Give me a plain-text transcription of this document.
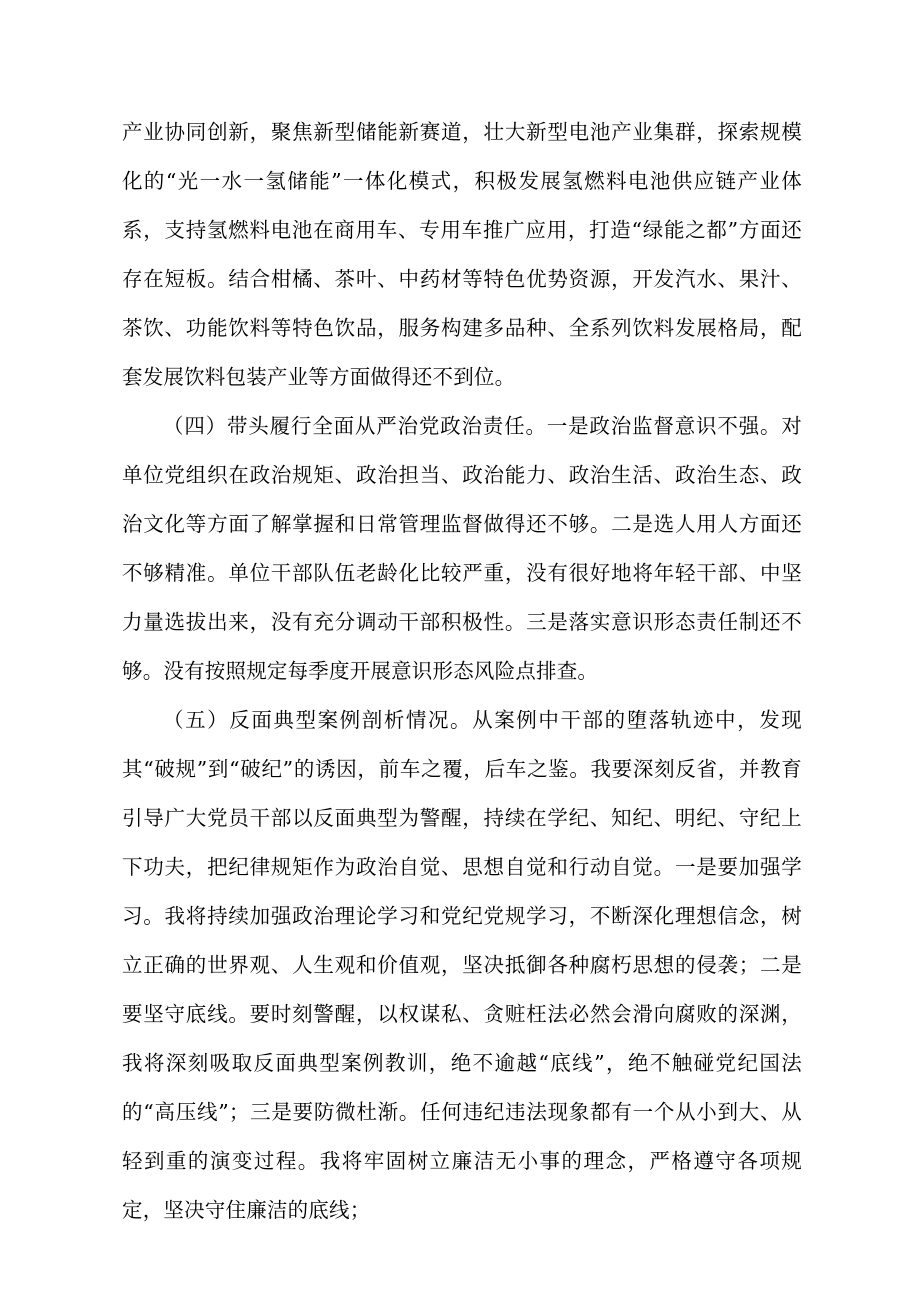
产业协同创新，聚焦新型储能新赛道，壮大新型电池产业集群，探索规模化的“光一水一氢储能”一体化模式，积极发展氢燃料电池供应链产业体系，支持氢燃料电池在商用车、专用车推广应用，打造“绿能之都”方面还存在短板。结合柑橘、茶叶、中药材等特色优势资源，开发汽水、果汁、茶饮、功能饮料等特色饮品，服务构建多品种、全系列饮料发展格局，配套发展饮料包装产业等方面做得还不到位。

（四）带头履行全面从严治党政治责任。一是政治监督意识不强。对单位党组织在政治规矩、政治担当、政治能力、政治生活、政治生态、政治文化等方面了解掌握和日常管理监督做得还不够。二是选人用人方面还不够精准。单位干部队伍老龄化比较严重，没有很好地将年轻干部、中坚力量选拔出来，没有充分调动干部积极性。三是落实意识形态责任制还不够。没有按照规定每季度开展意识形态风险点排查。

（五）反面典型案例剖析情况。从案例中干部的堕落轨迹中，发现其“破规”到“破纪”的诱因，前车之覆，后车之鉴。我要深刻反省，并教育引导广大党员干部以反面典型为警醒，持续在学纪、知纪、明纪、守纪上下功夫，把纪律规矩作为政治自觉、思想自觉和行动自觉。一是要加强学习。我将持续加强政治理论学习和党纪党规学习，不断深化理想信念，树立正确的世界观、人生观和价值观，坚决抵御各种腐朽思想的侵袭；二是要坚守底线。要时刻警醒，以权谋私、贪赃枉法必然会滑向腐败的深渊，我将深刻吸取反面典型案例教训，绝不逾越“底线”，绝不触碰党纪国法的“高压线”；三是要防微杜渐。任何违纪违法现象都有一个从小到大、从轻到重的演变过程。我将牢固树立廉洁无小事的理念，严格遵守各项规定，坚决守住廉洁的底线；
